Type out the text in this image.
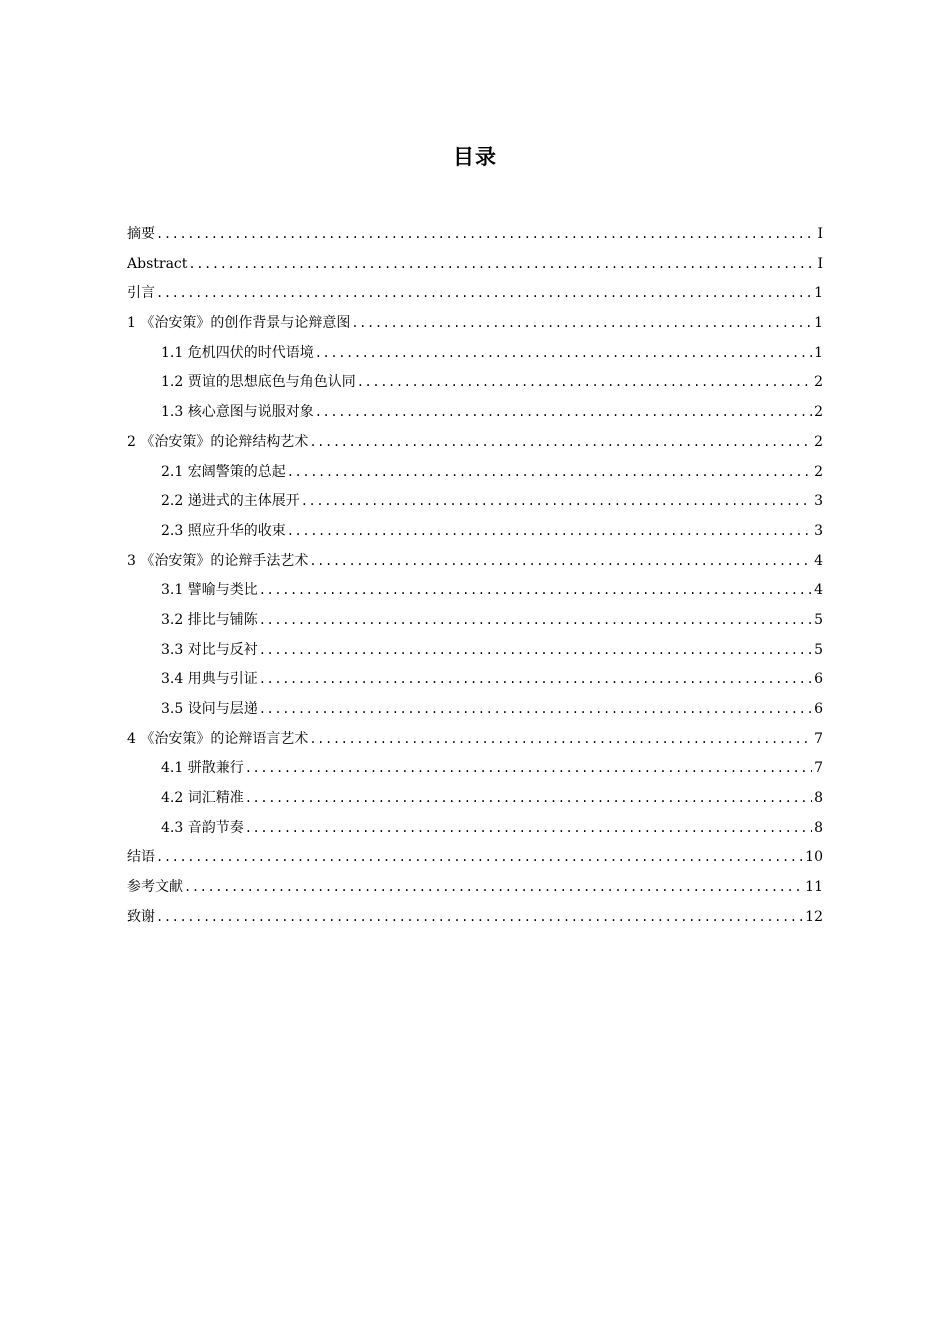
目录
摘要 .....	I
Abstract .....	I
引言 .....	1
1 《治安策》的创作背景与论辩意图 .....	1
1.1 危机四伏的时代语境 .....	1
1.2 贾谊的思想底色与角色认同 .....	2
1.3 核心意图与说服对象 .....	2
2 《治安策》的论辩结构艺术 .....	2
2.1 宏阔警策的总起 .....	2
2.2 递进式的主体展开 .....	3
2.3 照应升华的收束 .....	3
3 《治安策》的论辩手法艺术 .....	4
3.1 譬喻与类比 .....	4
3.2 排比与铺陈 .....	5
3.3 对比与反衬 .....	5
3.4 用典与引证 .....	6
3.5 设问与层递 .....	6
4 《治安策》的论辩语言艺术 .....	7
4.1 骈散兼行 .....	7
4.2 词汇精准 .....	8
4.3 音韵节奏 .....	8
结语 .....	10
参考文献 .....	11
致谢 .....	12
